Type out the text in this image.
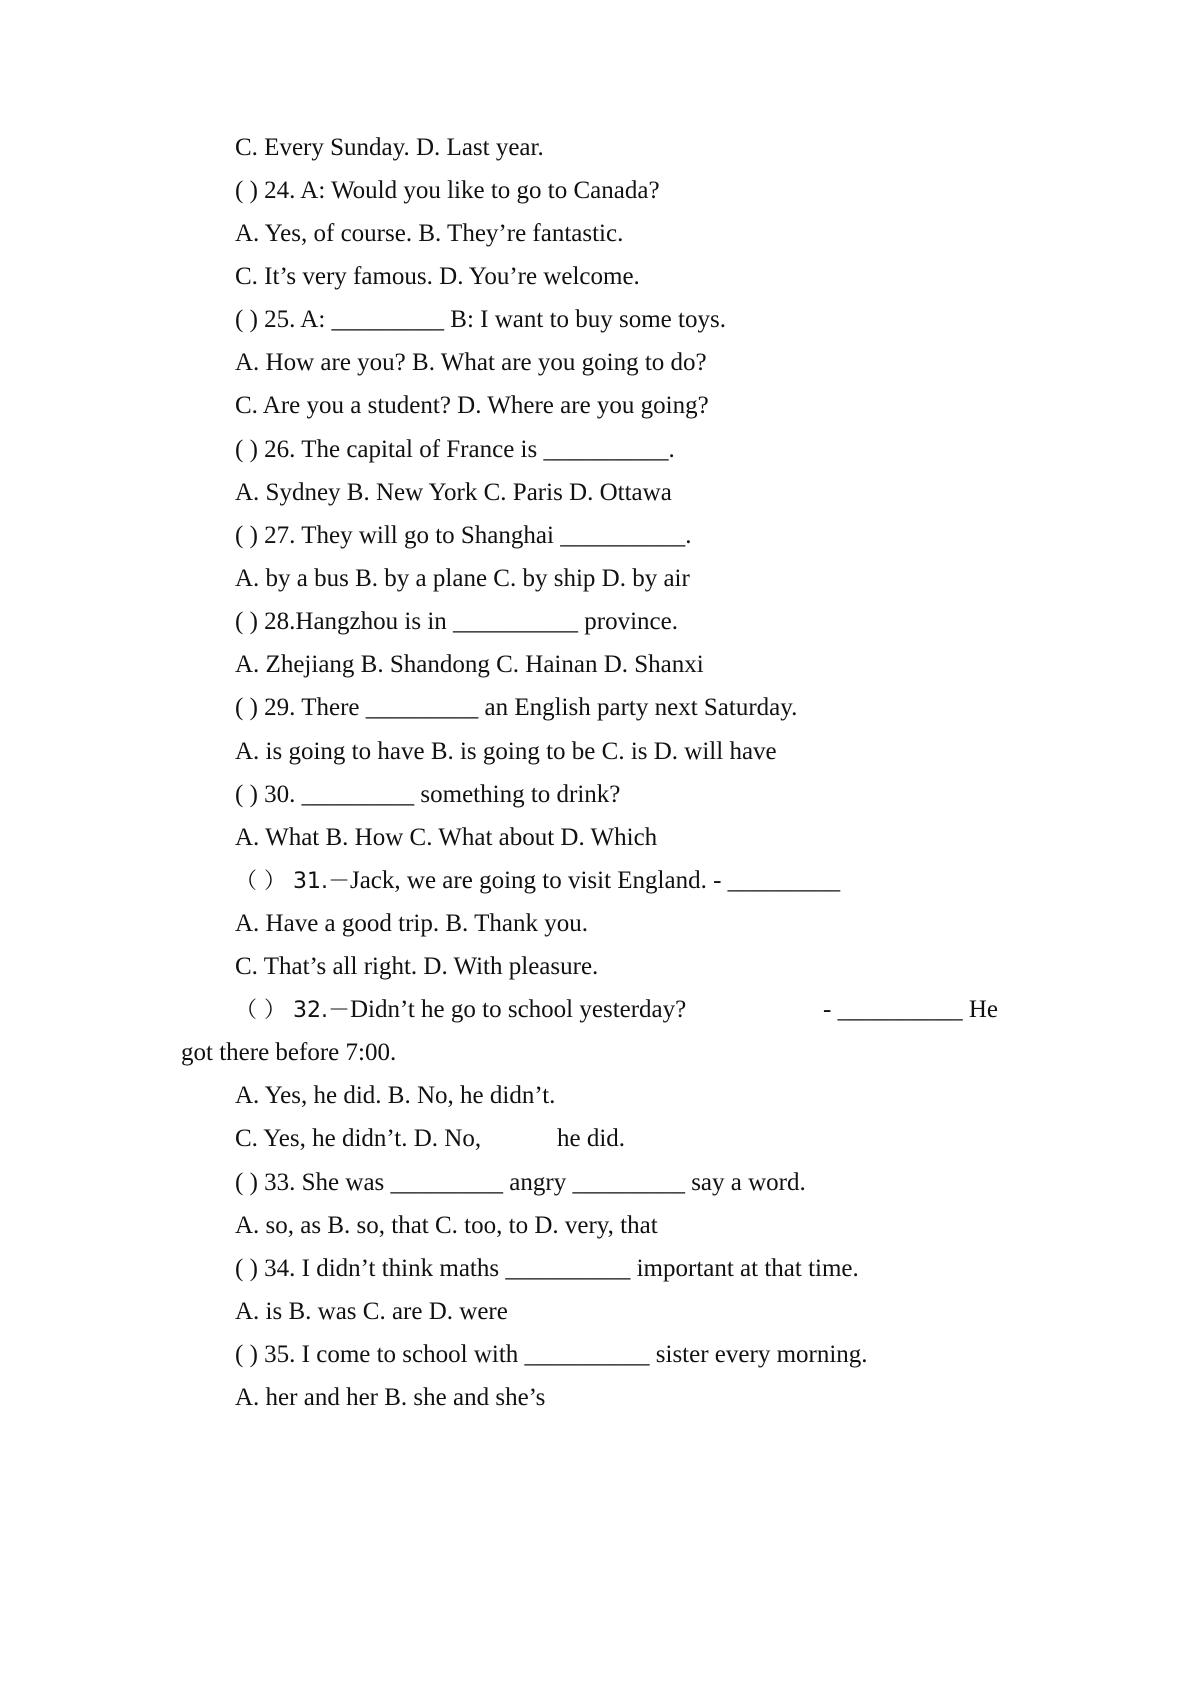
C. Every Sunday. D. Last year.
( ) 24. A: Would you like to go to Canada?
A. Yes, of course. B. They’re fantastic.
C. It’s very famous. D. You’re welcome.
( ) 25. A: _________ B: I want to buy some toys.
A. How are you? B. What are you going to do?
C. Are you a student? D. Where are you going?
( ) 26. The capital of France is __________.
A. Sydney B. New York C. Paris D. Ottawa
( ) 27. They will go to Shanghai __________.
A. by a bus B. by a plane C. by ship D. by air
( ) 28.Hangzhou is in __________ province.
A. Zhejiang B. Shandong C. Hainan D. Shanxi
( ) 29. There _________ an English party next Saturday.
A. is going to have B. is going to be C. is D. will have
( ) 30. _________ something to drink?
A. What B. How C. What about D. Which
（ ） 31.－Jack, we are going to visit England. - _________
A. Have a good trip. B. Thank you.
C. That’s all right. D. With pleasure.
（ ） 32.－Didn’t he go to school yesterday?	- __________ He
got there before 7:00.
A. Yes, he did. B. No, he didn’t.
C. Yes, he didn’t. D. No,	he did.
( ) 33. She was _________ angry _________ say a word.
A. so, as B. so, that C. too, to D. very, that
( ) 34. I didn’t think maths __________ important at that time.
A. is B. was C. are D. were
( ) 35. I come to school with __________ sister every morning.
A. her and her B. she and she’s
